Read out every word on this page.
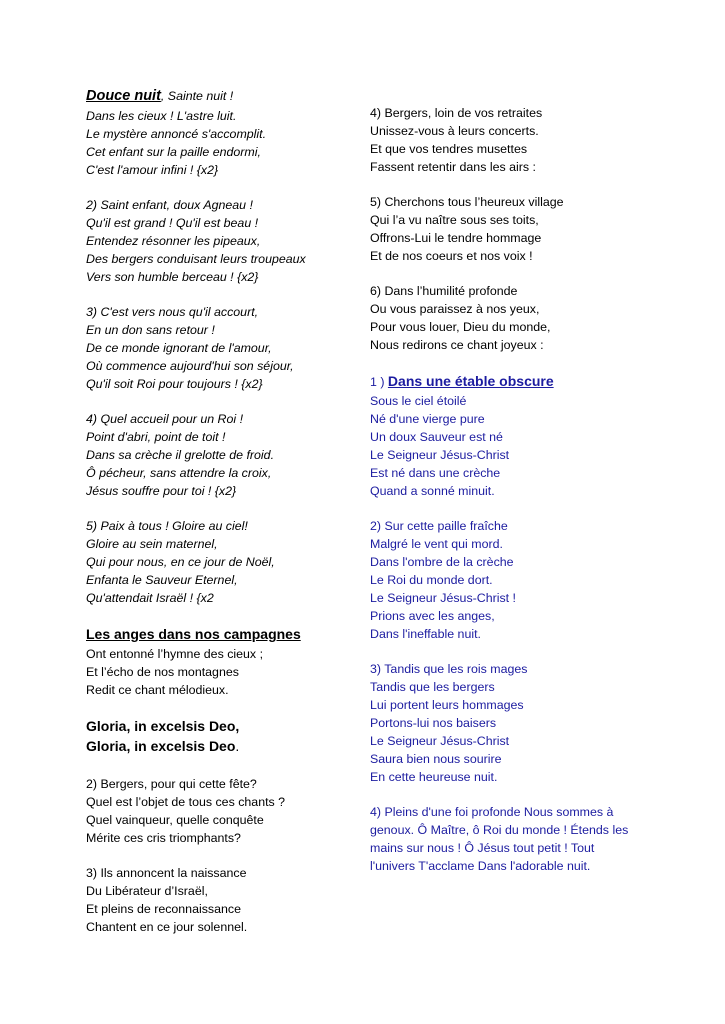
Douce nuit, Sainte nuit !
Dans les cieux ! L'astre luit.
Le mystère annoncé s'accomplit.
Cet enfant sur la paille endormi,
C'est l'amour infini ! {x2}
2) Saint enfant, doux Agneau !
Qu'il est grand ! Qu'il est beau !
Entendez résonner les pipeaux,
Des bergers conduisant leurs troupeaux
Vers son humble berceau ! {x2}
3) C'est vers nous qu'il accourt,
En un don sans retour !
De ce monde ignorant de l'amour,
Où commence aujourd'hui son séjour,
Qu'il soit Roi pour toujours ! {x2}
4) Quel accueil pour un Roi !
Point d'abri, point de toit !
Dans sa crèche il grelotte de froid.
Ô pécheur, sans attendre la croix,
Jésus souffre pour toi ! {x2}
5) Paix à tous ! Gloire au ciel!
Gloire au sein maternel,
Qui pour nous, en ce jour de Noël,
Enfanta le Sauveur Eternel,
Qu'attendait Israël ! {x2
Les anges dans nos campagnes
Ont entonné l’hymne des cieux ;
Et l’écho de nos montagnes
Redit ce chant mélodieux.
Gloria, in excelsis Deo,
Gloria, in excelsis Deo.
2) Bergers, pour qui cette fête?
Quel est l’objet de tous ces chants ?
Quel vainqueur, quelle conquête
Mérite ces cris triomphants?
3) Ils annoncent la naissance
Du Libérateur d’Israël,
Et pleins de reconnaissance
Chantent en ce jour solennel.
4) Bergers, loin de vos retraites
Unissez-vous à leurs concerts.
Et que vos tendres musettes
Fassent retentir dans les airs :
5) Cherchons tous l’heureux village
Qui l’a vu naître sous ses toits,
Offrons-Lui le tendre hommage
Et de nos coeurs et nos voix !
6) Dans l’humilité profonde
Ou vous paraissez à nos yeux,
Pour vous louer, Dieu du monde,
Nous redirons ce chant joyeux :
1 ) Dans une étable obscure
Sous le ciel étoilé
Né d'une vierge pure
Un doux Sauveur est né
Le Seigneur Jésus-Christ
Est né dans une crèche
Quand a sonné minuit.
2) Sur cette paille fraîche
Malgré le vent qui mord.
Dans l'ombre de la crèche
Le Roi du monde dort.
Le Seigneur Jésus-Christ !
Prions avec les anges,
Dans l'ineffable nuit.
3) Tandis que les rois mages
Tandis que les bergers
Lui portent leurs hommages
Portons-lui nos baisers
Le Seigneur Jésus-Christ
Saura bien nous sourire
En cette heureuse nuit.
4) Pleins d'une foi profonde Nous sommes à genoux. Ô Maître, ô Roi du monde ! Étends les mains sur nous ! Ô Jésus tout petit ! Tout l'univers T'acclame Dans l'adorable nuit.
